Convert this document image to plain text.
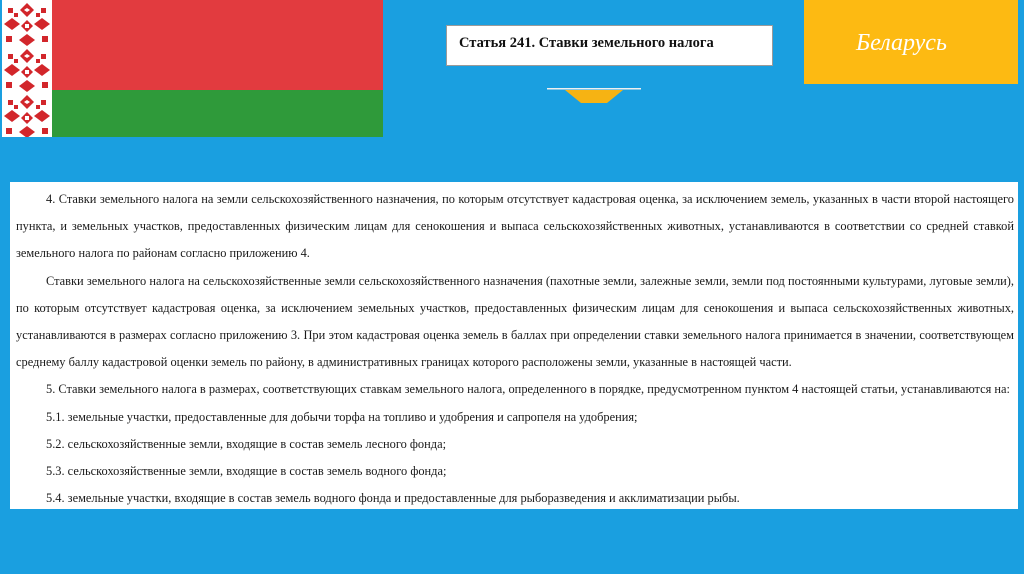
Статья 241. Ставки земельного налога	Беларусь

4. Ставки земельного налога на земли сельскохозяйственного назначения, по которым отсутствует кадастровая оценка, за исключением земель, указанных в части второй настоящего пункта, и земельных участков, предоставленных физическим лицам для сенокошения и выпаса сельскохозяйственных животных, устанавливаются в соответствии со средней ставкой земельного налога по районам согласно приложению 4.

Ставки земельного налога на сельскохозяйственные земли сельскохозяйственного назначения (пахотные земли, залежные земли, земли под постоянными культурами, луговые земли), по которым отсутствует кадастровая оценка, за исключением земельных участков, предоставленных физическим лицам для сенокошения и выпаса сельскохозяйственных животных, устанавливаются в размерах согласно приложению 3. При этом кадастровая оценка земель в баллах при определении ставки земельного налога принимается в значении, соответствующем среднему баллу кадастровой оценки земель по району, в административных границах которого расположены земли, указанные в настоящей части.

5. Ставки земельного налога в размерах, соответствующих ставкам земельного налога, определенного в порядке, предусмотренном пунктом 4 настоящей статьи, устанавливаются на:

5.1. земельные участки, предоставленные для добычи торфа на топливо и удобрения и сапропеля на удобрения;

5.2. сельскохозяйственные земли, входящие в состав земель лесного фонда;

5.3. сельскохозяйственные земли, входящие в состав земель водного фонда;

5.4. земельные участки, входящие в состав земель водного фонда и предоставленные для рыборазведения и акклиматизации рыбы.
